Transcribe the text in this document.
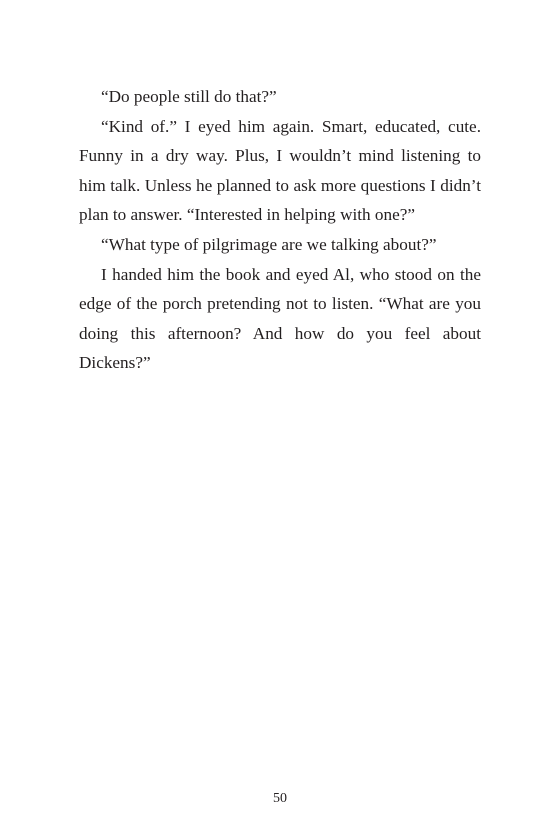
“Do people still do that?”

“Kind of.” I eyed him again. Smart, educated, cute. Funny in a dry way. Plus, I wouldn’t mind listening to him talk. Unless he planned to ask more questions I didn’t plan to answer. “Interested in helping with one?”

“What type of pilgrimage are we talking about?”

I handed him the book and eyed Al, who stood on the edge of the porch pretending not to listen. “What are you doing this afternoon? And how do you feel about Dickens?”

50
